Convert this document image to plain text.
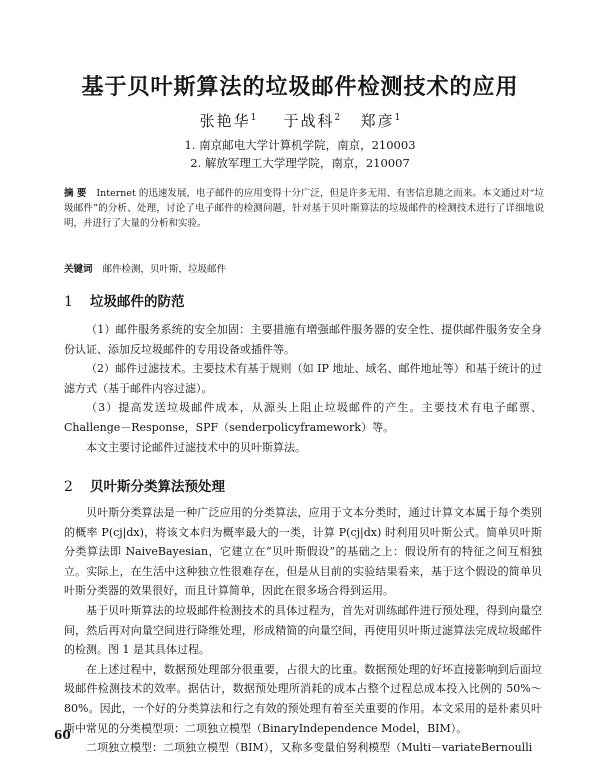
基于贝叶斯算法的垃圾邮件检测技术的应用
张艳华$^1$ 于战科$^2$ 郑彦$^1$
1. 南京邮电大学计算机学院，南京，210003
2. 解放军理工大学理学院，南京，210007
摘 要 Internet 的迅速发展，电子邮件的应用变得十分广泛，但是许多无用、有害信息随之而来。本文通过对“垃圾邮件”的分析、处理，讨论了电子邮件的检测问题，针对基于贝叶斯算法的垃圾邮件的检测技术进行了详细地说明，并进行了大量的分析和实验。
关键词 邮件检测，贝叶斯，垃圾邮件
1 垃圾邮件的防范

（1）邮件服务系统的安全加固：主要措施有增强邮件服务器的安全性、提供邮件服务安全身份认证、添加反垃圾邮件的专用设备或插件等。

（2）邮件过滤技术。主要技术有基于规则（如 IP 地址、域名、邮件地址等）和基于统计的过滤方式（基于邮件内容过滤）。

（3）提高发送垃圾邮件成本，从源头上阻止垃圾邮件的产生。主要技术有电子邮票、Challenge－Response，SPF（senderpolicyframework）等。

本文主要讨论邮件过滤技术中的贝叶斯算法。

2 贝叶斯分类算法预处理

贝叶斯分类算法是一种广泛应用的分类算法，应用于文本分类时，通过计算文本属于每个类别的概率 P(cj|dx)，将该文本归为概率最大的一类，计算 P(cj|dx) 时利用贝叶斯公式。简单贝叶斯分类算法即 NaiveBayesian，它建立在“贝叶斯假设”的基础之上：假设所有的特征之间互相独立。实际上，在生活中这种独立性很难存在，但是从目前的实验结果看来，基于这个假设的简单贝叶斯分类器的效果很好，而且计算简单，因此在很多场合得到运用。

基于贝叶斯算法的垃圾邮件检测技术的具体过程为，首先对训练邮件进行预处理，得到向量空间，然后再对向量空间进行降维处理，形成精简的向量空间，再使用贝叶斯过滤算法完成垃圾邮件的检测。图 1 是其具体过程。

在上述过程中，数据预处理部分很重要，占很大的比重。数据预处理的好坏直接影响到后面垃圾邮件检测技术的效率。据估计，数据预处理所消耗的成本占整个过程总成本投入比例的 50%～80%。因此，一个好的分类算法和行之有效的预处理有着至关重要的作用。本文采用的是朴素贝叶斯中常见的分类模型项：二项独立模型（BinaryIndependence Model，BIM）。

二项独立模型：二项独立模型（BIM），又称多变量伯努利模型（Multi－variateBernoulli

60
